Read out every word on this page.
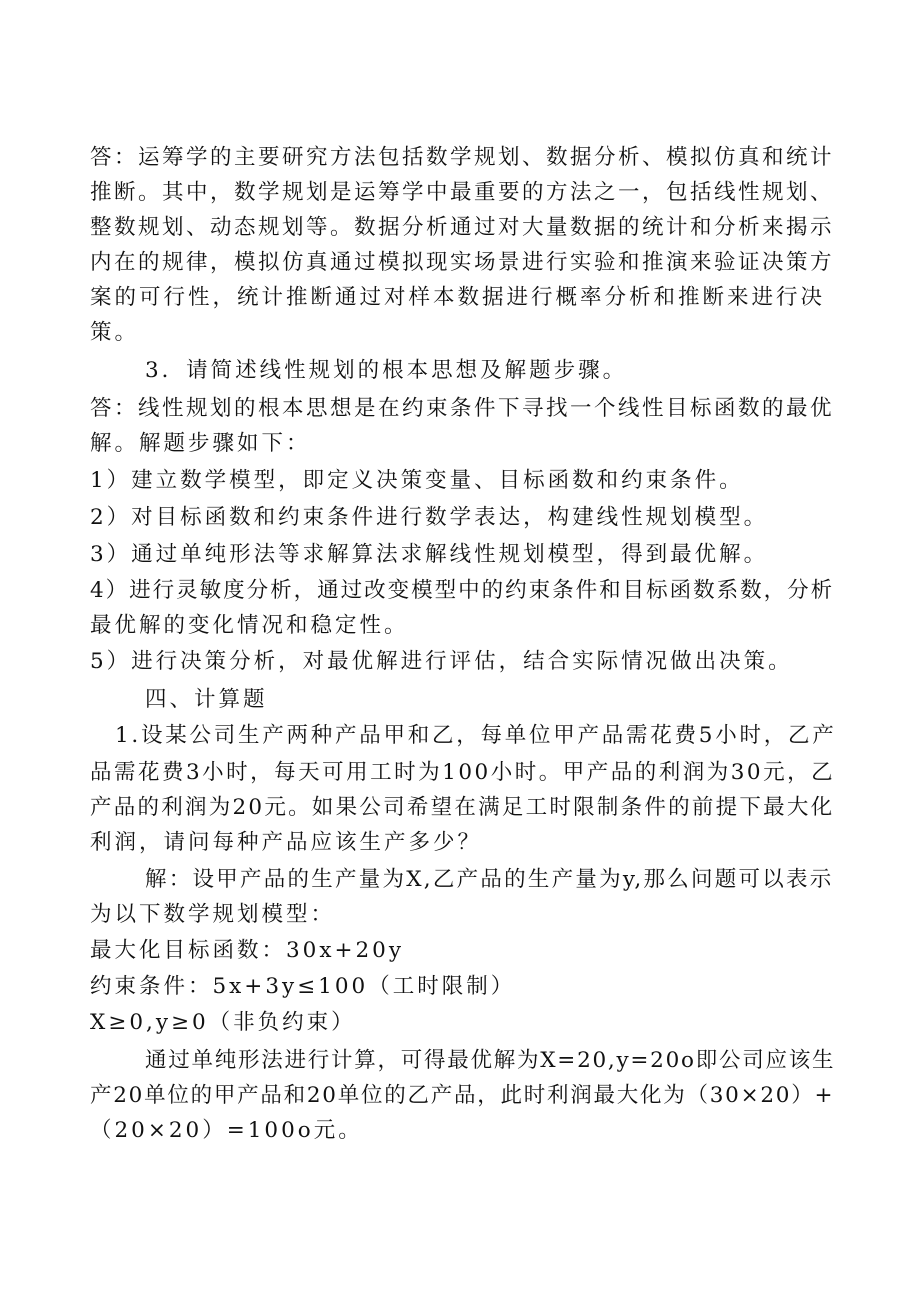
答：运筹学的主要研究方法包括数学规划、数据分析、模拟仿真和统计
推断。其中，数学规划是运筹学中最重要的方法之一，包括线性规划、
整数规划、动态规划等。数据分析通过对大量数据的统计和分析来揭示
内在的规律，模拟仿真通过模拟现实场景进行实验和推演来验证决策方
案的可行性，统计推断通过对样本数据进行概率分析和推断来进行决
策。
3．请简述线性规划的根本思想及解题步骤。
答：线性规划的根本思想是在约束条件下寻找一个线性目标函数的最优
解。解题步骤如下：
1）建立数学模型，即定义决策变量、目标函数和约束条件。
2）对目标函数和约束条件进行数学表达，构建线性规划模型。
3）通过单纯形法等求解算法求解线性规划模型，得到最优解。
4）进行灵敏度分析，通过改变模型中的约束条件和目标函数系数，分析
最优解的变化情况和稳定性。
5）进行决策分析，对最优解进行评估，结合实际情况做出决策。
四、计算题
1.设某公司生产两种产品甲和乙，每单位甲产品需花费5小时，乙产
品需花费3小时，每天可用工时为100小时。甲产品的利润为30元，乙
产品的利润为20元。如果公司希望在满足工时限制条件的前提下最大化
利润，请问每种产品应该生产多少？
解：设甲产品的生产量为X,乙产品的生产量为y,那么问题可以表示
为以下数学规划模型：
最大化目标函数：30x+20y
约束条件：5x+3y≤100（工时限制）
X≥0,y≥0（非负约束）
通过单纯形法进行计算，可得最优解为X=20,y=20o即公司应该生
产20单位的甲产品和20单位的乙产品，此时利润最大化为（30×20）+
（20×20）=100o元。
